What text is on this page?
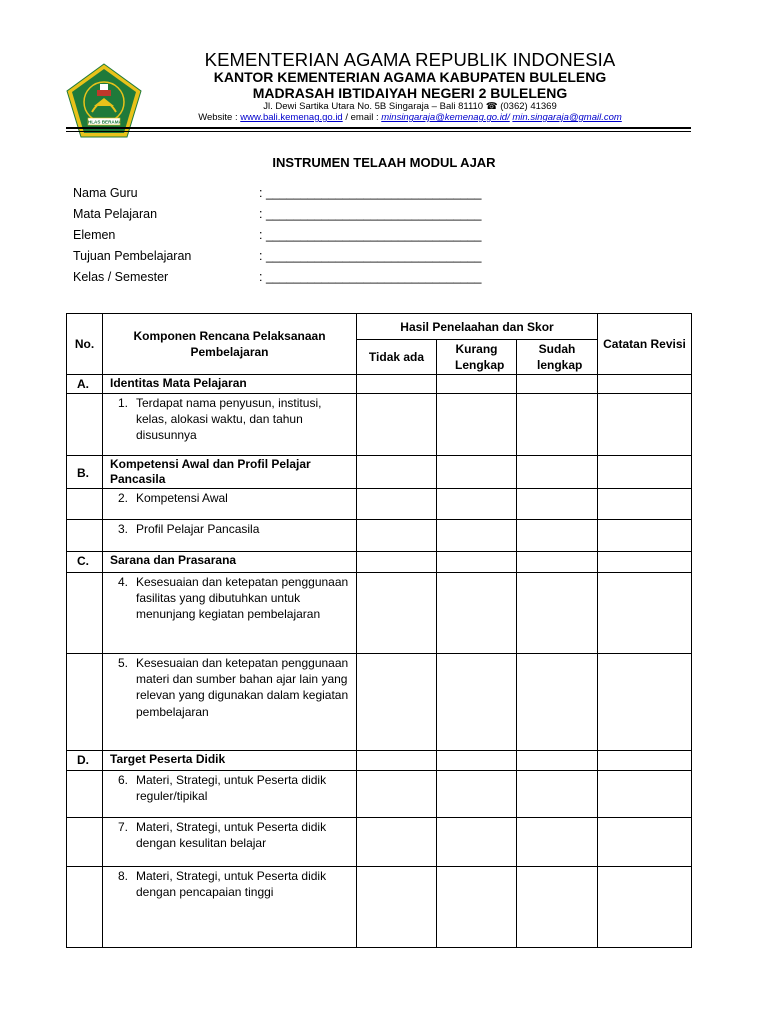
IKHLAS BERAMAL
KEMENTERIAN AGAMA REPUBLIK INDONESIA
KANTOR KEMENTERIAN AGAMA KABUPATEN BULELENG
MADRASAH IBTIDAIYAH NEGERI 2 BULELENG
Jl. Dewi Sartika Utara No. 5B Singaraja – Bali 81110 ☎ (0362) 41369
Website : www.bali.kemenag.go.id / email : minsingaraja@kemenag.go.id/ min.singaraja@gmail.com
INSTRUMEN TELAAH MODUL AJAR
Nama Guru	: _______________________________
Mata Pelajaran	: _______________________________
Elemen	: _______________________________
Tujuan Pembelajaran	: _______________________________
Kelas / Semester	: _______________________________
No.	Komponen Rencana Pelaksanaan Pembelajaran	Hasil Penelaahan dan Skor			Catatan Revisi
		Tidak ada	Kurang Lengkap	Sudah lengkap	
A.	Identitas Mata Pelajaran				

	1. Terdapat nama penyusun, institusi, kelas, alokasi waktu, dan tahun disusunnya				

B.	Kompetensi Awal dan Profil Pelajar Pancasila				

	2. Kompetensi Awal				

	3. Profil Pelajar Pancasila				

C.	Sarana dan Prasarana				

	4. Kesesuaian dan ketepatan penggunaan fasilitas yang dibutuhkan untuk menunjang kegiatan pembelajaran				

	5. Kesesuaian dan ketepatan penggunaan materi dan sumber bahan ajar lain yang relevan yang digunakan dalam kegiatan pembelajaran				

D.	Target Peserta Didik				

	6. Materi, Strategi, untuk Peserta didik reguler/tipikal				

	7. Materi, Strategi, untuk Peserta didik dengan kesulitan belajar				

	8. Materi, Strategi, untuk Peserta didik dengan pencapaian tinggi				
